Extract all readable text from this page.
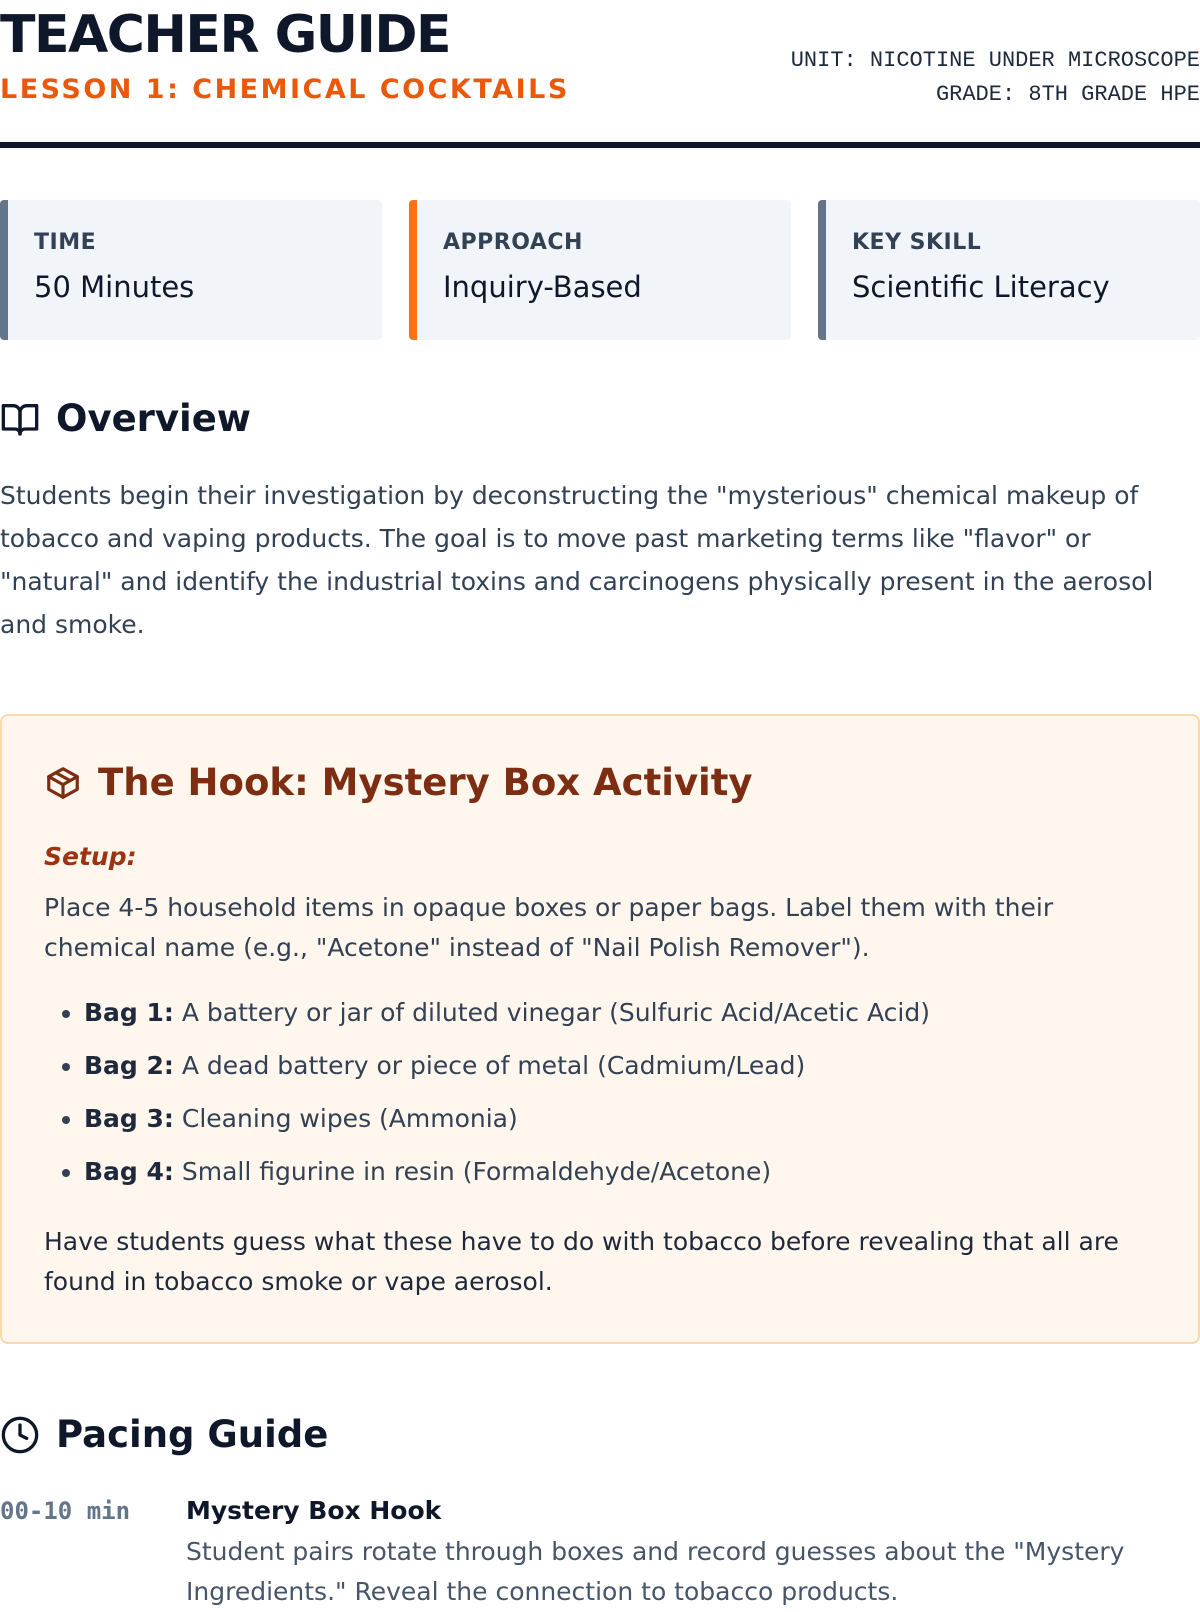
TEACHER GUIDE
LESSON 1: CHEMICAL COCKTAILS
UNIT: NICOTINE UNDER MICROSCOPE
GRADE: 8TH GRADE HPE
TIME
50 Minutes
APPROACH
Inquiry-Based
KEY SKILL
Scientific Literacy
Overview

Students begin their investigation by deconstructing the "mysterious" chemical makeup of tobacco and vaping products. The goal is to move past marketing terms like "flavor" or "natural" and identify the industrial toxins and carcinogens physically present in the aerosol and smoke.

The Hook: Mystery Box Activity
Setup:

Place 4-5 household items in opaque boxes or paper bags. Label them with their chemical name (e.g., "Acetone" instead of "Nail Polish Remover").

• Bag 1: A battery or jar of diluted vinegar (Sulfuric Acid/Acetic Acid)
• Bag 2: A dead battery or piece of metal (Cadmium/Lead)
• Bag 3: Cleaning wipes (Ammonia)
• Bag 4: Small figurine in resin (Formaldehyde/Acetone)

Have students guess what these have to do with tobacco before revealing that all are found in tobacco smoke or vape aerosol.

Pacing Guide
00-10 min Mystery Box Hook

Student pairs rotate through boxes and record guesses about the "Mystery Ingredients." Reveal the connection to tobacco products.
